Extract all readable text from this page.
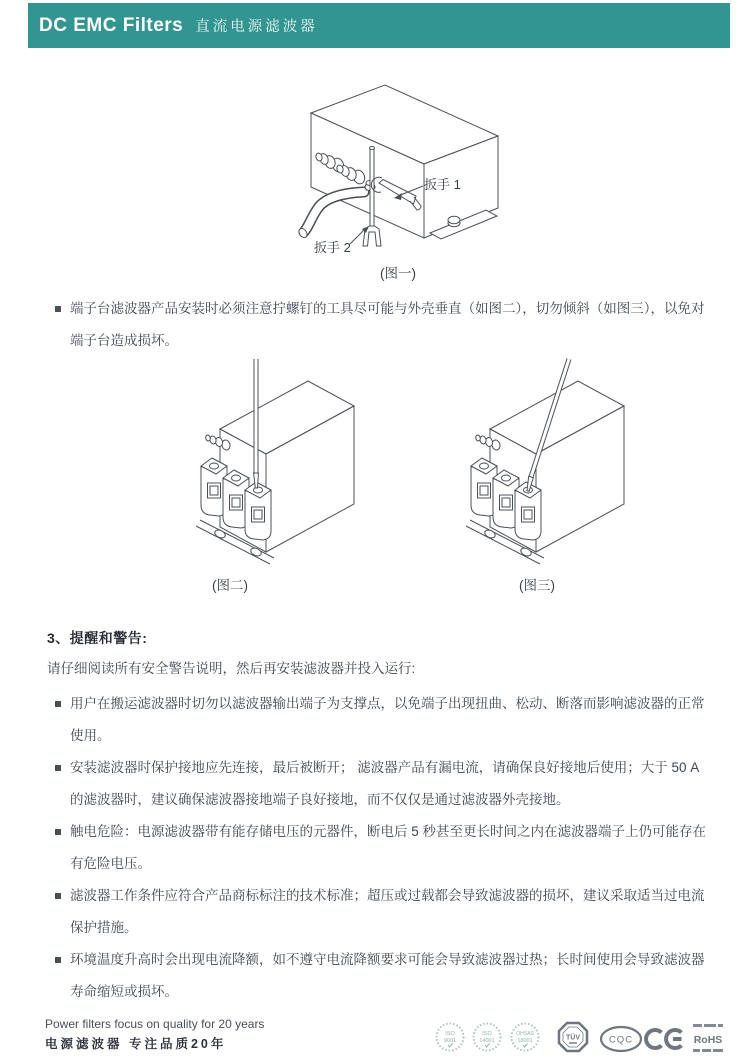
DC EMC Filters 直流电源滤波器
扳手 1
扳手 2
(图一)
端子台滤波器产品安装时必须注意拧螺钉的工具尽可能与外壳垂直（如图二），切勿倾斜（如图三），以免对端子台造成损坏。
(图二)	(图三)
3、提醒和警告:
请仔细阅读所有安全警告说明，然后再安装滤波器并投入运行:
用户在搬运滤波器时切勿以滤波器输出端子为支撑点，以免端子出现扭曲、松动、断落而影响滤波器的正常使用。
安装滤波器时保护接地应先连接，最后被断开； 滤波器产品有漏电流，请确保良好接地后使用；大于 50 A 的滤波器时，建议确保滤波器接地端子良好接地，而不仅仅是通过滤波器外壳接地。
触电危险：电源滤波器带有能存储电压的元器件，断电后 5 秒甚至更长时间之内在滤波器端子上仍可能存在有危险电压。
滤波器工作条件应符合产品商标标注的技术标准；超压或过载都会导致滤波器的损坏，建议采取适当过电流保护措施。
环境温度升高时会出现电流降额，如不遵守电流降额要求可能会导致滤波器过热；长时间使用会导致滤波器寿命缩短或损坏。
Power filters focus on quality for 20 years
电源滤波器 专注品质20年
ISO
9001
ISO
14001
OHSAS
18001	TÜV	CQC	RoHS
